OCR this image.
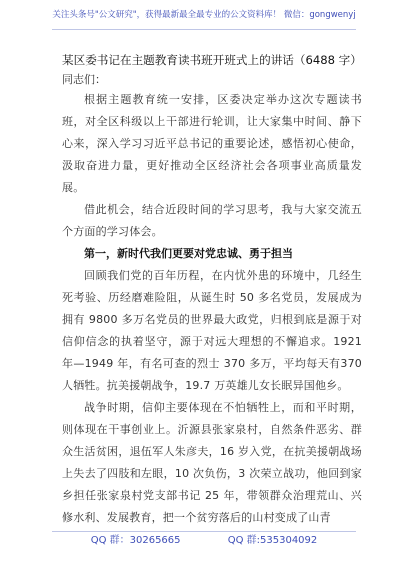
关注头条号"公文研究"，获得最新最全最专业的公文资料库！ 微信：gongwenyj

某区委书记在主题教育读书班开班式上的讲话（6488 字）

同志们：

根据主题教育统一安排，区委决定举办这次专题读书班，对全区科级以上干部进行轮训，让大家集中时间、静下心来，深入学习习近平总书记的重要论述，感悟初心使命，汲取奋进力量，更好推动全区经济社会各项事业高质量发展。

借此机会，结合近段时间的学习思考，我与大家交流五个方面的学习体会。

第一，新时代我们更要对党忠诚、勇于担当

回顾我们党的百年历程，在内忧外患的环境中，几经生死考验、历经磨难险阻，从诞生时 50 多名党员，发展成为拥有 9800 多万名党员的世界最大政党，归根到底是源于对信仰信念的执着坚守，源于对远大理想的不懈追求。1921 年—1949 年，有名可查的烈士 370 多万，平均每天有370 人牺牲。抗美援朝战争，19.7 万英雄儿女长眠异国他乡。

战争时期，信仰主要体现在不怕牺牲上，而和平时期，则体现在干事创业上。沂源县张家泉村，自然条件恶劣、群众生活贫困，退伍军人朱彦夫，16 岁入党，在抗美援朝战场上失去了四肢和左眼，10 次负伤，3 次荣立战功，他回到家乡担任张家泉村党支部书记 25 年，带领群众治理荒山、兴修水利、发展教育，把一个贫穷落后的山村变成了山青

QQ 群：30265665	QQ 群:535304092
